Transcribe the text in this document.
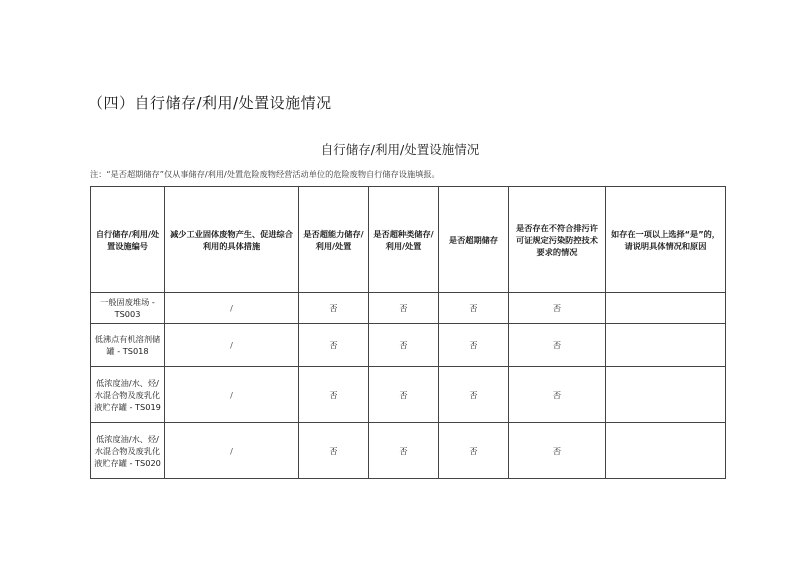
（四）自行储存/利用/处置设施情况
自行储存/利用/处置设施情况
注：“是否超期储存”仅从事储存/利用/处置危险废物经营活动单位的危险废物自行储存设施填报。
自行储存/利用/处置设施编号	减少工业固体废物产生、促进综合利用的具体措施	是否超能力储存/利用/处置	是否超种类储存/利用/处置	是否超期储存	是否存在不符合排污许可证规定污染防控技术要求的情况	如存在一项以上选择“是”的，请说明具体情况和原因
一般固废堆场 - TS003	/	否	否	否	否	
低沸点有机溶剂储罐 - TS018	/	否	否	否	否	
低浓度油/水、烃/水混合物及废乳化液贮存罐 - TS019	/	否	否	否	否	
低浓度油/水、烃/水混合物及废乳化液贮存罐 - TS020	/	否	否	否	否	
